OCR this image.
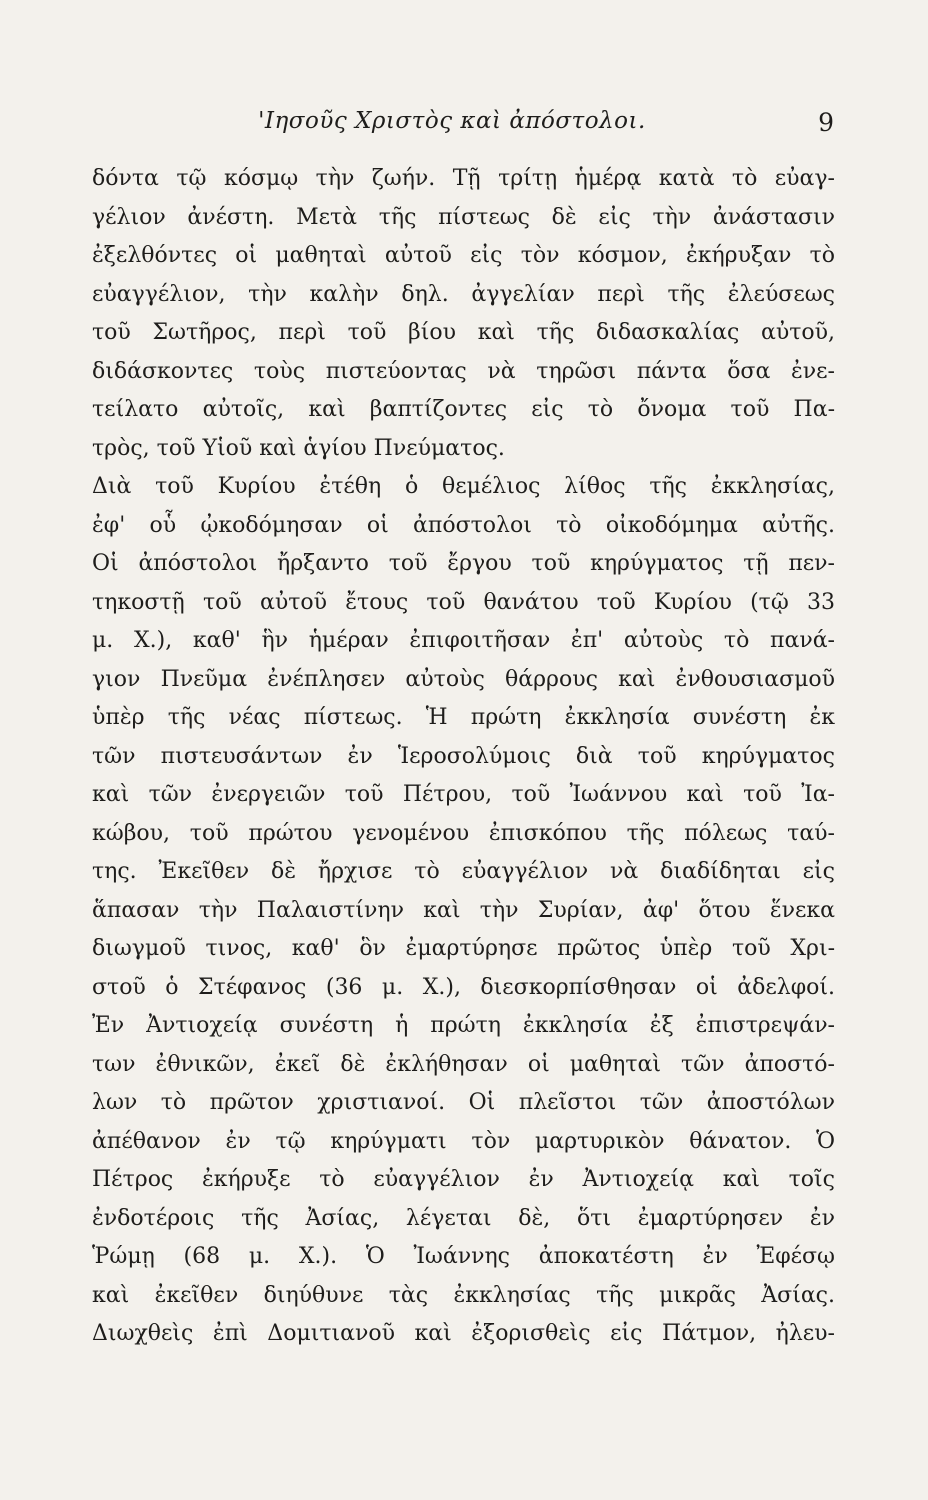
'Ιησοῦς Χριστὸς καὶ ἀπόστολοι.	9
δόντα τῷ κόσμῳ τὴν ζωήν. Τῇ τρίτῃ ἡμέρᾳ κατὰ τὸ εὐαγ-
γέλιον ἀνέστη. Μετὰ τῆς πίστεως δὲ εἰς τὴν ἀνάστασιν
ἐξελθόντες οἱ μαθηταὶ αὐτοῦ εἰς τὸν κόσμον, ἐκήρυξαν τὸ
εὐαγγέλιον, τὴν καλὴν δηλ. ἀγγελίαν περὶ τῆς ἐλεύσεως
τοῦ Σωτῆρος, περὶ τοῦ βίου καὶ τῆς διδασκαλίας αὐτοῦ,
διδάσκοντες τοὺς πιστεύοντας νὰ τηρῶσι πάντα ὅσα ἐνε-
τείλατο αὐτοῖς, καὶ βαπτίζοντες εἰς τὸ ὄνομα τοῦ Πα-
τρὸς, τοῦ Υἱοῦ καὶ ἁγίου Πνεύματος.
Διὰ τοῦ Κυρίου ἐτέθη ὁ θεμέλιος λίθος τῆς ἐκκλησίας,
ἐφ' οὗ ᾠκοδόμησαν οἱ ἀπόστολοι τὸ οἰκοδόμημα αὐτῆς.
Οἱ ἀπόστολοι ἤρξαντο τοῦ ἔργου τοῦ κηρύγματος τῇ πεν-
τηκοστῇ τοῦ αὐτοῦ ἔτους τοῦ θανάτου τοῦ Κυρίου (τῷ 33
μ. Χ.), καθ' ἣν ἡμέραν ἐπιφοιτῆσαν ἐπ' αὐτοὺς τὸ πανά-
γιον Πνεῦμα ἐνέπλησεν αὐτοὺς θάρρους καὶ ἐνθουσιασμοῦ
ὑπὲρ τῆς νέας πίστεως. Ἡ πρώτη ἐκκλησία συνέστη ἐκ
τῶν πιστευσάντων ἐν Ἱεροσολύμοις διὰ τοῦ κηρύγματος
καὶ τῶν ἐνεργειῶν τοῦ Πέτρου, τοῦ Ἰωάννου καὶ τοῦ Ἰα-
κώβου, τοῦ πρώτου γενομένου ἐπισκόπου τῆς πόλεως ταύ-
της. Ἐκεῖθεν δὲ ἤρχισε τὸ εὐαγγέλιον νὰ διαδίδηται εἰς
ἅπασαν τὴν Παλαιστίνην καὶ τὴν Συρίαν, ἀφ' ὅτου ἕνεκα
διωγμοῦ τινος, καθ' ὃν ἐμαρτύρησε πρῶτος ὑπὲρ τοῦ Χρι-
στοῦ ὁ Στέφανος (36 μ. Χ.), διεσκορπίσθησαν οἱ ἀδελφοί.
Ἐν Ἀντιοχείᾳ συνέστη ἡ πρώτη ἐκκλησία ἐξ ἐπιστρεψάν-
των ἐθνικῶν, ἐκεῖ δὲ ἐκλήθησαν οἱ μαθηταὶ τῶν ἀποστό-
λων τὸ πρῶτον χριστιανοί. Οἱ πλεῖστοι τῶν ἀποστόλων
ἀπέθανον ἐν τῷ κηρύγματι τὸν μαρτυρικὸν θάνατον. Ὁ
Πέτρος ἐκήρυξε τὸ εὐαγγέλιον ἐν Ἀντιοχείᾳ καὶ τοῖς
ἐνδοτέροις τῆς Ἀσίας, λέγεται δὲ, ὅτι ἐμαρτύρησεν ἐν
Ῥώμῃ (68 μ. Χ.). Ὁ Ἰωάννης ἀποκατέστη ἐν Ἐφέσῳ
καὶ ἐκεῖθεν διηύθυνε τὰς ἐκκλησίας τῆς μικρᾶς Ἀσίας.
Διωχθεὶς ἐπὶ Δομιτιανοῦ καὶ ἐξορισθεὶς εἰς Πάτμον, ἠλευ-
